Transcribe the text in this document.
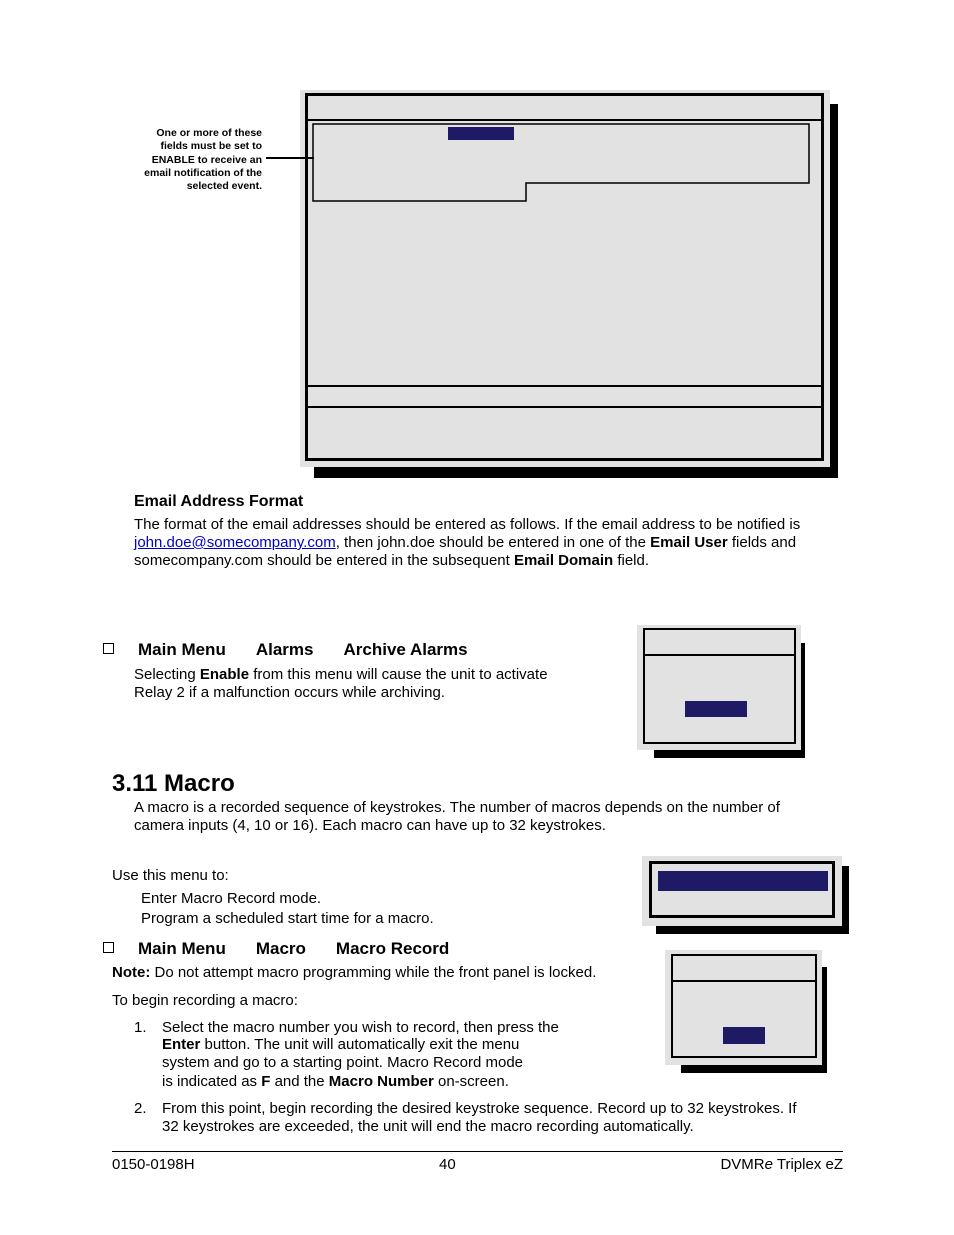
One or more of these fields must be set to ENABLE to receive an email notification of the selected event.
Email Address Format
The format of the email addresses should be entered as follows. If the email address to be notified is
john.doe@somecompany.com, then john.doe should be entered in one of the Email User fields and
somecompany.com should be entered in the subsequent Email Domain field.
Main Menu Alarms Archive Alarms
Selecting Enable from this menu will cause the unit to activate
Relay 2 if a malfunction occurs while archiving.
3.11 Macro
A macro is a recorded sequence of keystrokes. The number of macros depends on the number of
camera inputs (4, 10 or 16). Each macro can have up to 32 keystrokes.
Use this menu to:
Enter Macro Record mode.
Program a scheduled start time for a macro.
Main Menu Macro Macro Record
Note: Do not attempt macro programming while the front panel is locked.
To begin recording a macro:
1. Select the macro number you wish to record, then press the
Enter button. The unit will automatically exit the menu
system and go to a starting point. Macro Record mode
is indicated as F and the Macro Number on-screen.
2. From this point, begin recording the desired keystroke sequence. Record up to 32 keystrokes. If
32 keystrokes are exceeded, the unit will end the macro recording automatically.
0150-0198H	40	DVMRe Triplex eZ
